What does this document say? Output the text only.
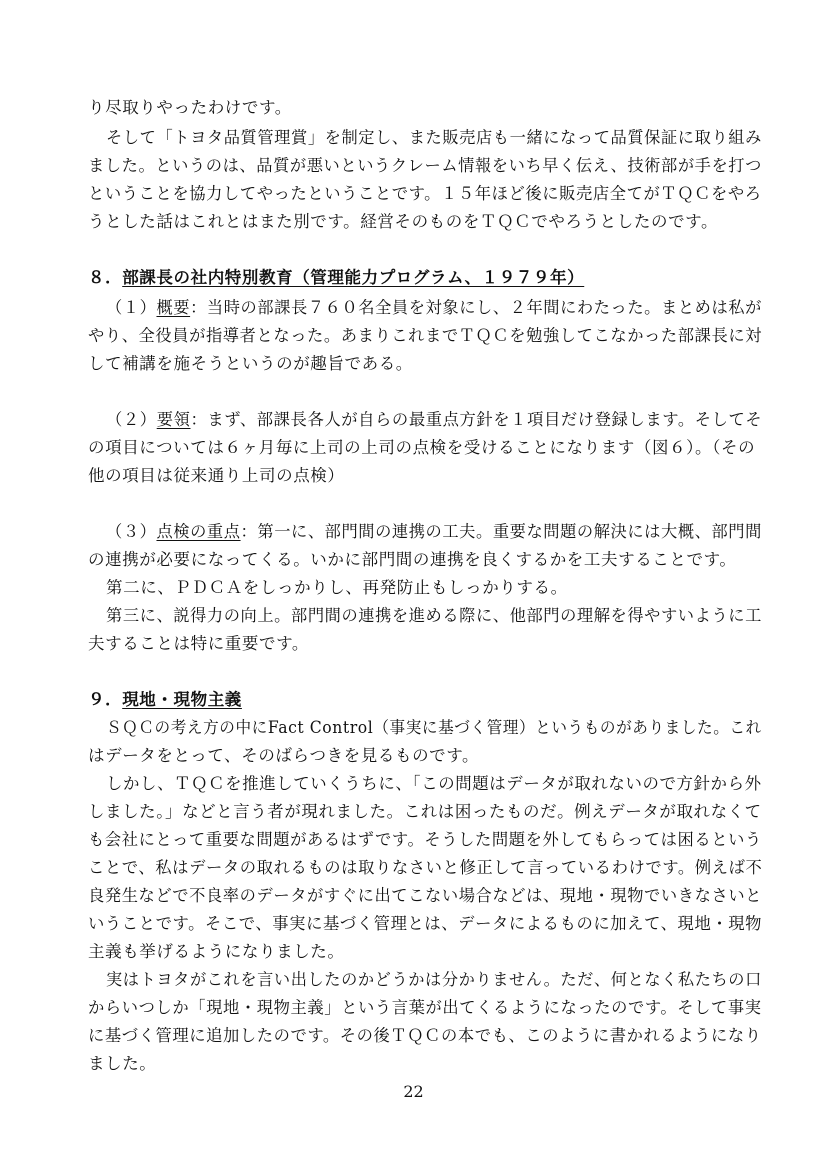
り尽取りやったわけです。
そして「トヨタ品質管理賞」を制定し、また販売店も一緒になって品質保証に取り組み
ました。というのは、品質が悪いというクレーム情報をいち早く伝え、技術部が手を打つ
ということを協力してやったということです。１５年ほど後に販売店全てがＴＱＣをやろ
うとした話はこれとはまた別です。経営そのものをＴＱＣでやろうとしたのです。
８．部課長の社内特別教育（管理能力プログラム、１９７９年）
（１）概要：当時の部課長７６０名全員を対象にし、２年間にわたった。まとめは私が
やり、全役員が指導者となった。あまりこれまでＴＱＣを勉強してこなかった部課長に対
して補講を施そうというのが趣旨である。
（２）要領：まず、部課長各人が自らの最重点方針を１項目だけ登録します。そしてそ
の項目については６ヶ月毎に上司の上司の点検を受けることになります（図６）。（その
他の項目は従来通り上司の点検）
（３）点検の重点：第一に、部門間の連携の工夫。重要な問題の解決には大概、部門間
の連携が必要になってくる。いかに部門間の連携を良くするかを工夫することです。
第二に、ＰＤＣＡをしっかりし、再発防止もしっかりする。
第三に、説得力の向上。部門間の連携を進める際に、他部門の理解を得やすいように工
夫することは特に重要です。
９．現地・現物主義
ＳＱＣの考え方の中にFact Control（事実に基づく管理）というものがありました。これ
はデータをとって、そのばらつきを見るものです。
しかし、ＴＱＣを推進していくうちに、「この問題はデータが取れないので方針から外
しました。」などと言う者が現れました。これは困ったものだ。例えデータが取れなくて
も会社にとって重要な問題があるはずです。そうした問題を外してもらっては困るという
ことで、私はデータの取れるものは取りなさいと修正して言っているわけです。例えば不
良発生などで不良率のデータがすぐに出てこない場合などは、現地・現物でいきなさいと
いうことです。そこで、事実に基づく管理とは、データによるものに加えて、現地・現物
主義も挙げるようになりました。
実はトヨタがこれを言い出したのかどうかは分かりません。ただ、何となく私たちの口
からいつしか「現地・現物主義」という言葉が出てくるようになったのです。そして事実
に基づく管理に追加したのです。その後ＴＱＣの本でも、このように書かれるようになり
ました。
22
